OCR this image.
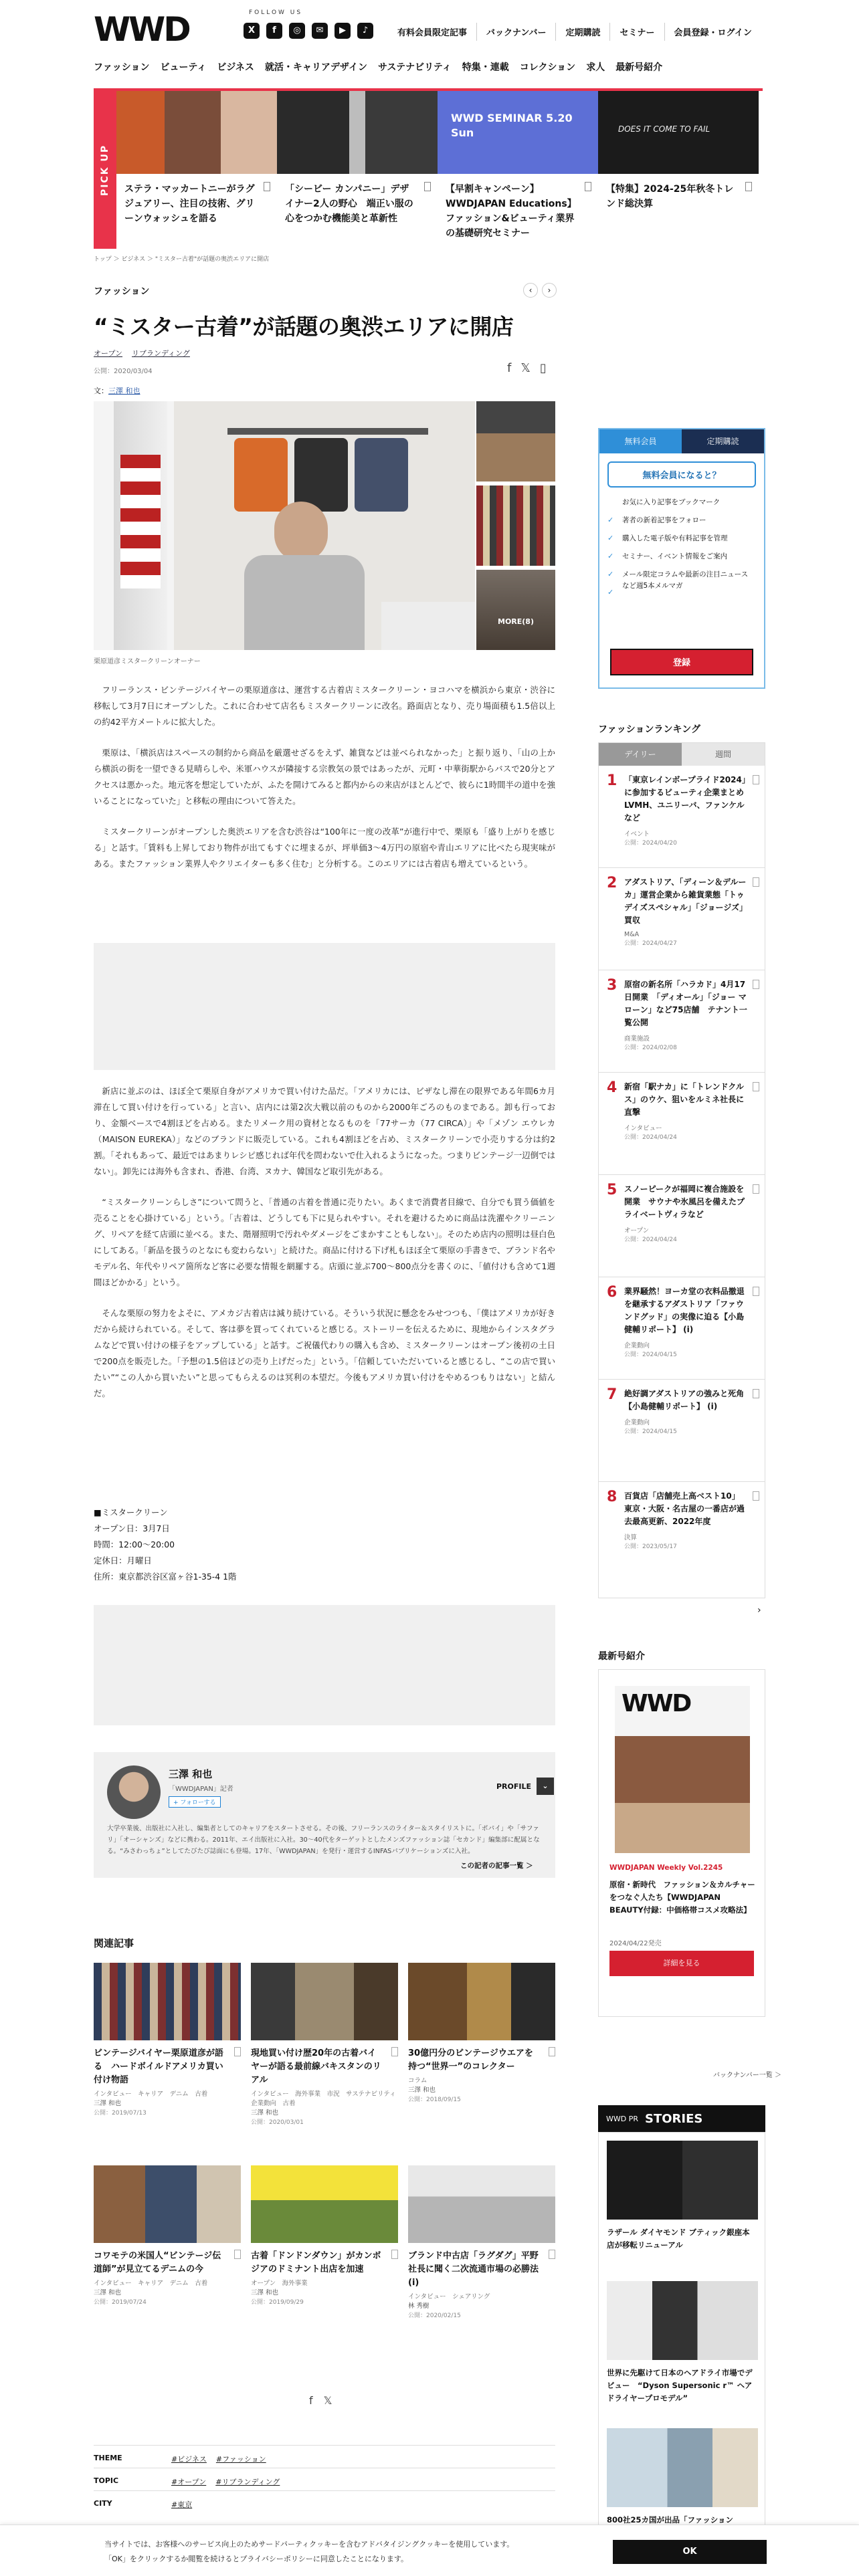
WWD	FOLLOW US
X	f	◎	✉	▶	♪	有料会員限定記事	バックナンバー	定期購読	セミナー	会員登録・ログイン
ファッション	ビューティ	ビジネス	就活・キャリアデザイン	サステナビリティ	特集・連載	コレクション	求人	最新号紹介
PICK UP	ステラ・マッカートニーがラグジュアリー、注目の技術、グリーンウォッシュを語る
「シービー カンパニー」デザイナー2人の野心　端正い服の心をつかむ機能美と革新性
WWD SEMINAR 5.20 Sun
【早割キャンペーン】WWDJAPAN Educations】ファッション&ビューティ業界の基礎研究セミナー
DOES IT COME TO FAIL
【特集】2024-25年秋冬トレンド総決算
トップ ＞ ビジネス ＞ "ミスター古着"が話題の奥渋エリアに開店
ファッション	‹	›
“ミスター古着”が話題の奥渋エリアに開店
オープン リブランディング
公開：2020/03/04	f 𝕏 ▯
文：三澤 和也
MORE(8)
栗原道彦ミスタークリーンオーナー

フリーランス・ビンテージバイヤーの栗原道彦は、運営する古着店ミスタークリーン・ヨコハマを横浜から東京・渋谷に移転して3月7日にオープンした。これに合わせて店名もミスタークリーンに改名。路面店となり、売り場面積も1.5倍以上の約42平方メートルに拡大した。

栗原は、「横浜店はスペースの制約から商品を厳選せざるをえず、雑貨などは並べられなかった」と振り返り、「山の上から横浜の街を一望できる見晴らしや、米軍ハウスが隣接する宗教気の景ではあったが、元町・中華街駅からバスで20分とアクセスは悪かった。地元客を想定していたが、ふたを開けてみると都内からの来店がほとんどで、彼らに1時間半の道中を強いることになっていた」と移転の理由について答えた。

ミスタークリーンがオープンした奥渋エリアを含む渋谷は“100年に一度の改革”が進行中で、栗原も「盛り上がりを感じる」と話す。「賃料も上昇しており物件が出てもすぐに埋まるが、坪単価3〜4万円の原宿や青山エリアに比べたら現実味がある。またファッション業界人やクリエイターも多く住む」と分析する。このエリアには古着店も増えているという。

新店に並ぶのは、ほぼ全て栗原自身がアメリカで買い付けた品だ。「アメリカには、ビザなし滞在の限界である年間6カ月滞在して買い付けを行っている」と言い、店内には第2次大戦以前のものから2000年ごろのものまである。卸も行っており、金額ベースで4割ほどを占める。またリメーク用の資材となるものを「77サーカ（77 CIRCA）」や「メゾン エウレカ（MAISON EUREKA）」などのブランドに販売している。これも4割ほどを占め、ミスタークリーンで小売りする分は約2割。「それもあって、最近ではあまりレシピ感じれば年代を問わないで仕入れるようになった。つまりビンテージ一辺倒ではない」。卸先には海外も含まれ、香港、台湾、ヌカナ、韓国など取引先がある。

“ミスタークリーンらしさ”について問うと、「普通の古着を普通に売りたい。あくまで消費者目線で、自分でも買う価値を売ることを心掛けている」という。「古着は、どうしても下に見られやすい。それを避けるために商品は洗濯やクリーニング、リペアを経て店頭に並べる。また、階層照明で汚れやダメージをごまかすこともしない」。そのため店内の照明は昼白色にしてある。「新品を扱うのとなにも変わらない」と続けた。商品に付ける下げ札もほぼ全て栗原の手書きで、ブランド名やモデル名、年代やリペア箇所など客に必要な情報を網羅する。店頭に並ぶ700〜800点分を書くのに、「値付けも含めて1週間ほどかかる」という。

そんな栗原の努力をよそに、アメカジ古着店は減り続けている。そういう状況に懸念をみせつつも、「僕はアメリカが好きだから続けられている。そして、客は夢を買ってくれていると感じる。ストーリーを伝えるために、現地からインスタグラムなどで買い付けの様子をアップしている」と話す。ご祝儀代わりの購入も含め、ミスタークリーンはオープン後初の土日で200点を販売した。「予想の1.5倍ほどの売り上げだった」という。「信頼していただいていると感じるし、“この店で買いたい”“この人から買いたい”と思ってもらえるのは冥利の本望だ。今後もアメリカ買い付けをやめるつもりはない」と結んだ。

■ミスタークリーン
オープン日：3月7日
時間：12:00〜20:00
定休日：月曜日
住所：東京都渋谷区富ヶ谷1-35-4 1階
三澤 和也
「WWDJAPAN」記者
+ フォローする
PROFILE	⌄
大学卒業後、出版社に入社し、編集者としてのキャリアをスタートさせる。その後、フリーランスのライター＆スタイリストに。「ポパイ」や「サファリ」「オーシャンズ」などに携わる。2011年、エイ出版社に入社。30〜40代をターゲットとしたメンズファッション誌「セカンド」編集部に配属となる。“みさわっちょ”としてたびたび誌面にも登場。17年、「WWDJAPAN」を発行・運営するINFASパブリケーションズに入社。
この記者の記事一覧 ＞
関連記事
ビンテージバイヤー栗原道彦が語る　ハードボイルドアメリカ買い付け物語
インタビュー　キャリア　デニム　古着
三澤 和也
公開：2019/07/13
現地買い付け歴20年の古着バイヤーが語る最前線バキスタンのリアル
インタビュー　海外事業　市況　サステナビリティ　企業動向　古着
三澤 和也
公開：2020/03/01
30億円分のビンテージウエアを持つ“世界一”のコレクター
コラム
三澤 和也
公開：2018/09/15
コワモテの米国人“ビンテージ伝道師”が見立てるデニムの今
インタビュー　キャリア　デニム　古着
三澤 和也
公開：2019/07/24
古着「ドンドンダウン」がカンボジアのドミナント出店を加速
オープン　海外事業
三澤 和也
公開：2019/09/29
ブランド中古店「ラグダグ」平野社長に聞く二次流通市場の必勝法 (i)
インタビュー　シェアリング
林 秀樹
公開：2020/02/15
f 𝕏
THEME	#ビジネス #ファッション
TOPIC	#オープン #リブランディング
CITY	#東京
無料会員	定期購読
無料会員になると？
お気に入り記事をブックマーク
著者の新着記事をフォロー
購入した電子版や有料記事を管理
セミナー、イベント情報をご案内
メール限定コラムや最新の注目ニュースなど週5本メルマガ
✓
✓
✓
✓
✓
登録
ファッションランキング
デイリー	週間
1 「東京レインボープライド2024」に参加するビューティ企業まとめ　LVMH、ユニリーバ、ファンケルなど
イベント
公開：2024/04/20
2 アダストリア、「ディーン＆デルーカ」運営企業から雑貨業態「トゥデイズスペシャル」「ジョージズ」買収
M&A
公開：2024/04/27
3 原宿の新名所「ハラカド」4月17日開業　「ディオール」「ジョー マローン」など75店舗　テナント一覧公開
商業施設
公開：2024/02/08
4 新宿「駅ナカ」に「トレンドクルス」のウケ、狙いをルミネ社長に直撃
インタビュー
公開：2024/04/24
5 スノーピークが福岡に複合施設を開業　サウナや氷風呂を備えたプライベートヴィラなど
オープン
公開：2024/04/24
6 業界騒然！ヨーカ堂の衣料品撤退を継承するアダストリア「ファウンドグッド」の実像に迫る【小島健輔リポート】 (i)
企業動向
公開：2024/04/15
7 絶好調アダストリアの強みと死角【小島健輔リポート】 (i)
企業動向
公開：2024/04/15
8 百貨店「店舗売上高ベスト10」　東京・大阪・名古屋の一番店が過去最高更新、2022年度
決算
公開：2023/05/17
›
最新号紹介
WWD
WWDJAPAN Weekly Vol.2245
原宿・新時代　ファッション＆カルチャーをつなぐ人たち【WWDJAPAN BEAUTY付録：中価格帯コスメ攻略法】
2024/04/22発売
詳細を見る
バックナンバー一覧 ＞
WWD PR STORIES
ラザール ダイヤモンド ブティック銀座本店が移転リニューアル
世界に先駆けて日本のヘアドライ市場でデビュー　“Dyson Supersonic r™ ヘアドライヤープロモデル”
800社25カ国が出品「ファッション
当サイトでは、お客様へのサービス向上のためサードパーティクッキーを含むアドバタイジングクッキーを使用しています。
「OK」をクリックするか閲覧を続けるとプライバシーポリシーに同意したことになります。
OK
